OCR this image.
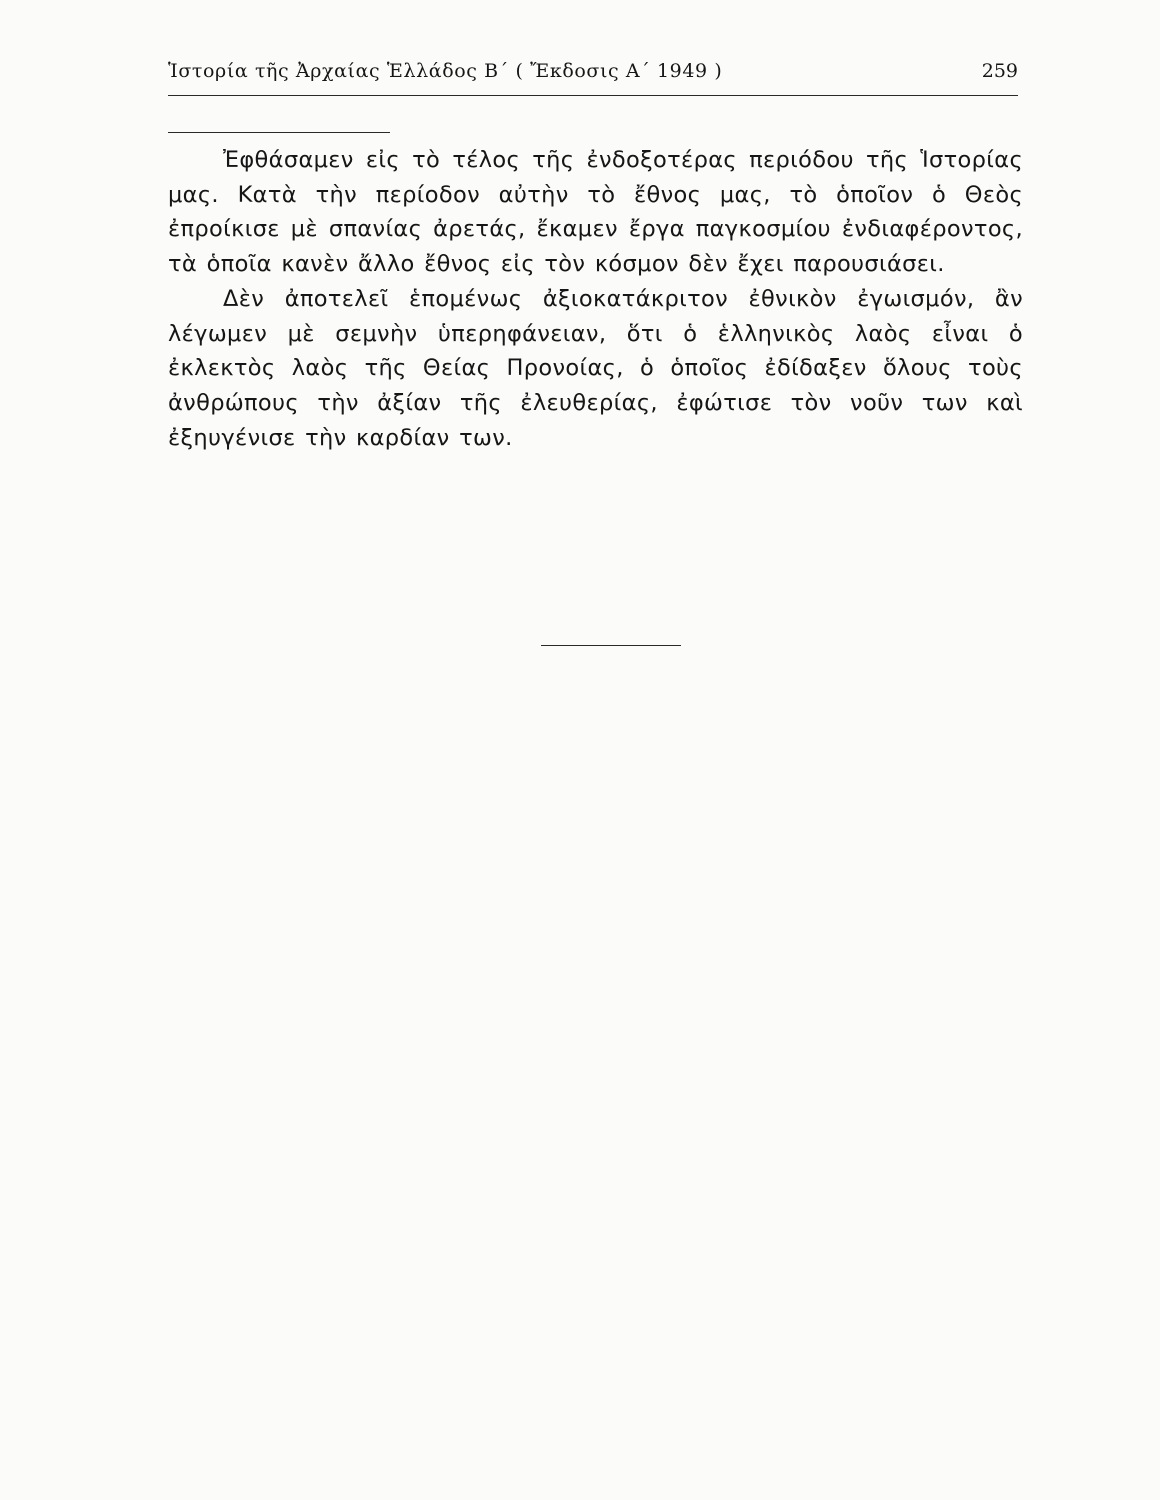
Ἱστορία τῆς Ἀρχαίας Ἑλλάδος Β΄ ( Ἔκδοσις Α΄ 1949 )	259

Ἐφθάσαμεν εἰς τὸ τέλος τῆς ἐνδοξοτέρας περιόδου τῆς Ἱστορίας μας. Κατὰ τὴν περίοδον αὐτὴν τὸ ἔθνος μας, τὸ ὁποῖον ὁ Θεὸς ἐπροίκισε μὲ σπανίας ἀρετάς, ἔκαμεν ἔργα παγκοσμίου ἐνδιαφέροντος, τὰ ὁποῖα κανὲν ἄλλο ἔθνος εἰς τὸν κόσμον δὲν ἔχει παρουσιάσει.

Δὲν ἀποτελεῖ ἑπομένως ἀξιοκατάκριτον ἐθνικὸν ἐγωισμόν, ἂν λέγωμεν μὲ σεμνὴν ὑπερηφάνειαν, ὅτι ὁ ἑλληνικὸς λαὸς εἶναι ὁ ἐκλεκτὸς λαὸς τῆς Θείας Προνοίας, ὁ ὁποῖος ἐδίδαξεν ὅλους τοὺς ἀνθρώπους τὴν ἀξίαν τῆς ἐλευθερίας, ἐφώτισε τὸν νοῦν των καὶ ἐξηυγένισε τὴν καρδίαν των.
